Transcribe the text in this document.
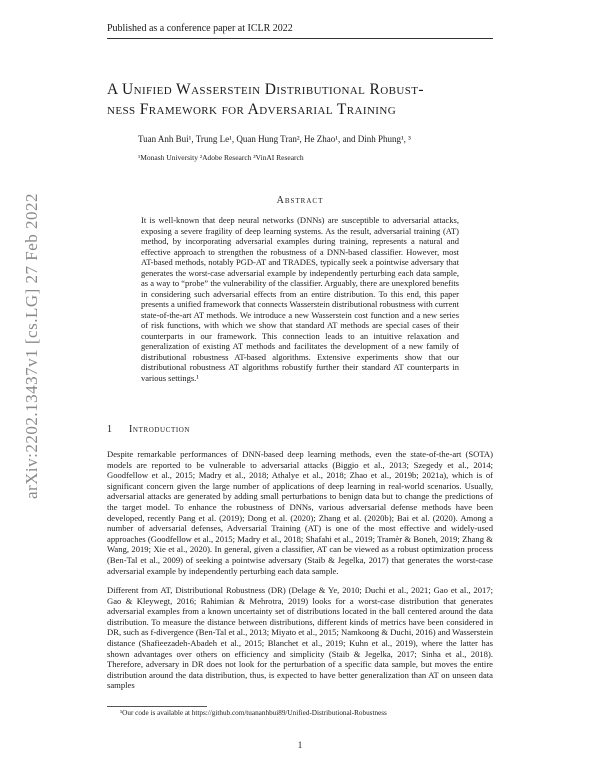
arXiv:2202.13437v1 [cs.LG] 27 Feb 2022
Published as a conference paper at ICLR 2022
A Unified Wasserstein Distributional Robust-
ness Framework for Adversarial Training
Tuan Anh Bui¹, Trung Le¹, Quan Hung Tran², He Zhao¹, and Dinh Phung¹, ³
¹Monash University ²Adobe Research ³VinAI Research
Abstract
It is well-known that deep neural networks (DNNs) are susceptible to adversarial attacks, exposing a severe fragility of deep learning systems. As the result, adversarial training (AT) method, by incorporating adversarial examples during training, represents a natural and effective approach to strengthen the robustness of a DNN-based classifier. However, most AT-based methods, notably PGD-AT and TRADES, typically seek a pointwise adversary that generates the worst-case adversarial example by independently perturbing each data sample, as a way to “probe” the vulnerability of the classifier. Arguably, there are unexplored benefits in considering such adversarial effects from an entire distribution. To this end, this paper presents a unified framework that connects Wasserstein distributional robustness with current state-of-the-art AT methods. We introduce a new Wasserstein cost function and a new series of risk functions, with which we show that standard AT methods are special cases of their counterparts in our framework. This connection leads to an intuitive relaxation and generalization of existing AT methods and facilitates the development of a new family of distributional robustness AT-based algorithms. Extensive experiments show that our distributional robustness AT algorithms robustify further their standard AT counterparts in various settings.¹
1 Introduction
Despite remarkable performances of DNN-based deep learning methods, even the state-of-the-art (SOTA) models are reported to be vulnerable to adversarial attacks (Biggio et al., 2013; Szegedy et al., 2014; Goodfellow et al., 2015; Madry et al., 2018; Athalye et al., 2018; Zhao et al., 2019b; 2021a), which is of significant concern given the large number of applications of deep learning in real-world scenarios. Usually, adversarial attacks are generated by adding small perturbations to benign data but to change the predictions of the target model. To enhance the robustness of DNNs, various adversarial defense methods have been developed, recently Pang et al. (2019); Dong et al. (2020); Zhang et al. (2020b); Bai et al. (2020). Among a number of adversarial defenses, Adversarial Training (AT) is one of the most effective and widely-used approaches (Goodfellow et al., 2015; Madry et al., 2018; Shafahi et al., 2019; Tramèr & Boneh, 2019; Zhang & Wang, 2019; Xie et al., 2020). In general, given a classifier, AT can be viewed as a robust optimization process (Ben-Tal et al., 2009) of seeking a pointwise adversary (Staib & Jegelka, 2017) that generates the worst-case adversarial example by independently perturbing each data sample.
Different from AT, Distributional Robustness (DR) (Delage & Ye, 2010; Duchi et al., 2021; Gao et al., 2017; Gao & Kleywegt, 2016; Rahimian & Mehrotra, 2019) looks for a worst-case distribution that generates adversarial examples from a known uncertainty set of distributions located in the ball centered around the data distribution. To measure the distance between distributions, different kinds of metrics have been considered in DR, such as f-divergence (Ben-Tal et al., 2013; Miyato et al., 2015; Namkoong & Duchi, 2016) and Wasserstein distance (Shafieezadeh-Abadeh et al., 2015; Blanchet et al., 2019; Kuhn et al., 2019), where the latter has shown advantages over others on efficiency and simplicity (Staib & Jegelka, 2017; Sinha et al., 2018). Therefore, adversary in DR does not look for the perturbation of a specific data sample, but moves the entire distribution around the data distribution, thus, is expected to have better generalization than AT on unseen data samples
¹Our code is available at https://github.com/tuananhbui89/Unified-Distributional-Robustness
1
